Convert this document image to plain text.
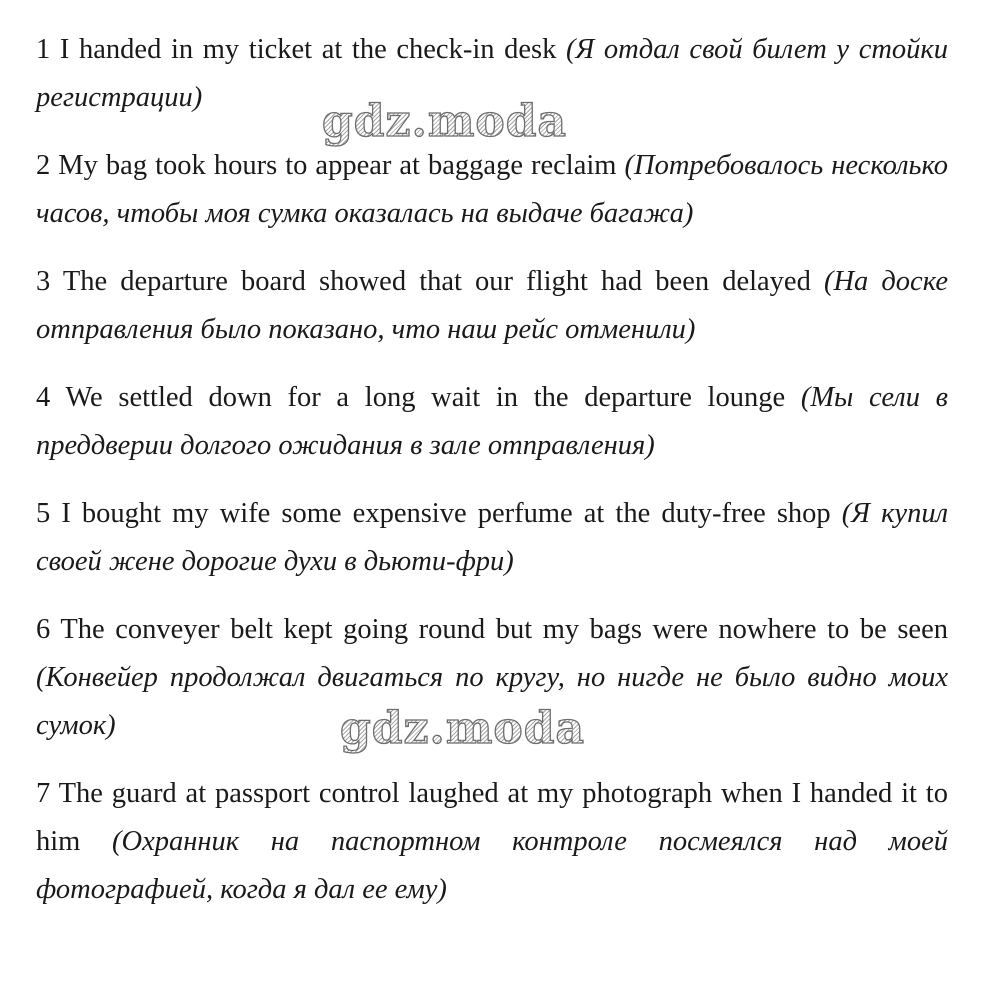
1 I handed in my ticket at the check-in desk (Я отдал свой билет у стойки регистрации)

2 My bag took hours to appear at baggage reclaim (Потребовалось несколько часов, чтобы моя сумка оказалась на выдаче багажа)

3 The departure board showed that our flight had been delayed (На доске отправления было показано, что наш рейс отменили)

4 We settled down for a long wait in the departure lounge (Мы сели в преддверии долгого ожидания в зале отправления)

5 I bought my wife some expensive perfume at the duty-free shop (Я купил своей жене дорогие духи в дьюти-фри)

6 The conveyer belt kept going round but my bags were nowhere to be seen (Конвейер продолжал двигаться по кругу, но нигде не было видно моих сумок)

7 The guard at passport control laughed at my photograph when I handed it to him (Охранник на паспортном контроле посмеялся над моей фотографией, когда я дал ее ему)

gdz.moda
gdz.moda
